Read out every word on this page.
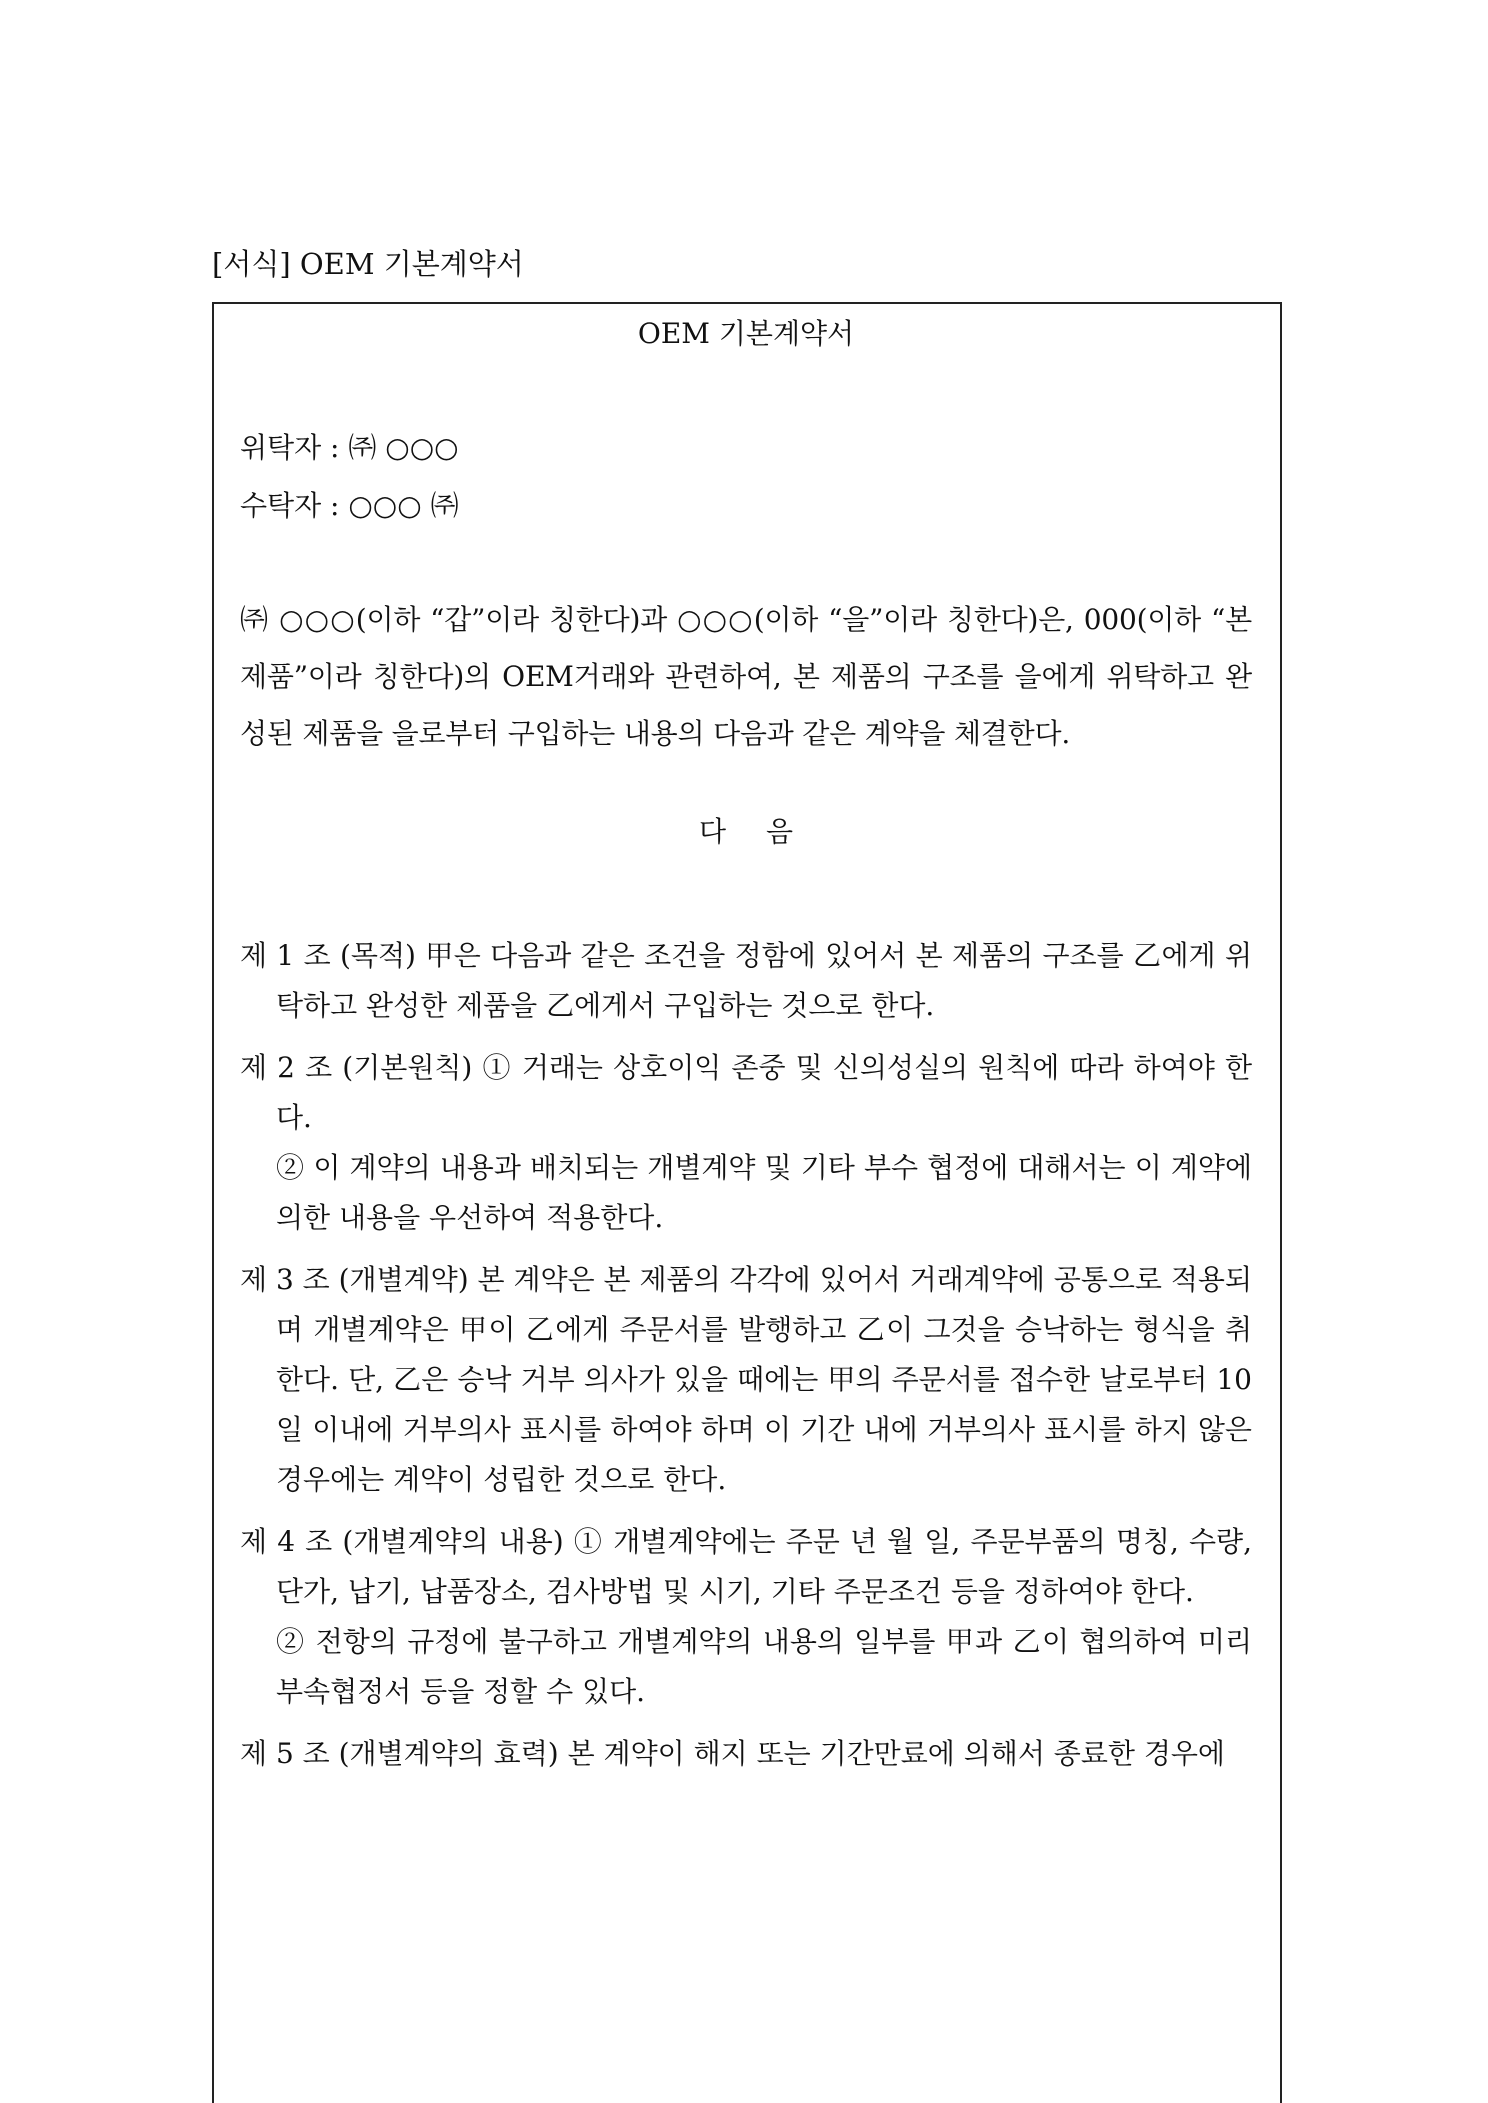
[서식] OEM 기본계약서
OEM 기본계약서
위탁자 : ㈜ ○○○
수탁자 : ○○○ ㈜
㈜ ○○○(이하 “갑”이라 칭한다)과 ○○○(이하 “을”이라 칭한다)은, 000(이하 “본 제품”이라 칭한다)의 OEM거래와 관련하여, 본 제품의 구조를 을에게 위탁하고 완성된 제품을 을로부터 구입하는 내용의 다음과 같은 계약을 체결한다.
다음
제 1 조 (목적) 甲은 다음과 같은 조건을 정함에 있어서 본 제품의 구조를 乙에게 위탁하고 완성한 제품을 乙에게서 구입하는 것으로 한다.
제 2 조 (기본원칙) ① 거래는 상호이익 존중 및 신의성실의 원칙에 따라 하여야 한다.
② 이 계약의 내용과 배치되는 개별계약 및 기타 부수 협정에 대해서는 이 계약에 의한 내용을 우선하여 적용한다.
제 3 조 (개별계약) 본 계약은 본 제품의 각각에 있어서 거래계약에 공통으로 적용되며 개별계약은 甲이 乙에게 주문서를 발행하고 乙이 그것을 승낙하는 형식을 취한다. 단, 乙은 승낙 거부 의사가 있을 때에는 甲의 주문서를 접수한 날로부터 10일 이내에 거부의사 표시를 하여야 하며 이 기간 내에 거부의사 표시를 하지 않은 경우에는 계약이 성립한 것으로 한다.
제 4 조 (개별계약의 내용) ① 개별계약에는 주문 년 월 일, 주문부품의 명칭, 수량, 단가, 납기, 납품장소, 검사방법 및 시기, 기타 주문조건 등을 정하여야 한다.
② 전항의 규정에 불구하고 개별계약의 내용의 일부를 甲과 乙이 협의하여 미리 부속협정서 등을 정할 수 있다.
제 5 조 (개별계약의 효력) 본 계약이 해지 또는 기간만료에 의해서 종료한 경우에
